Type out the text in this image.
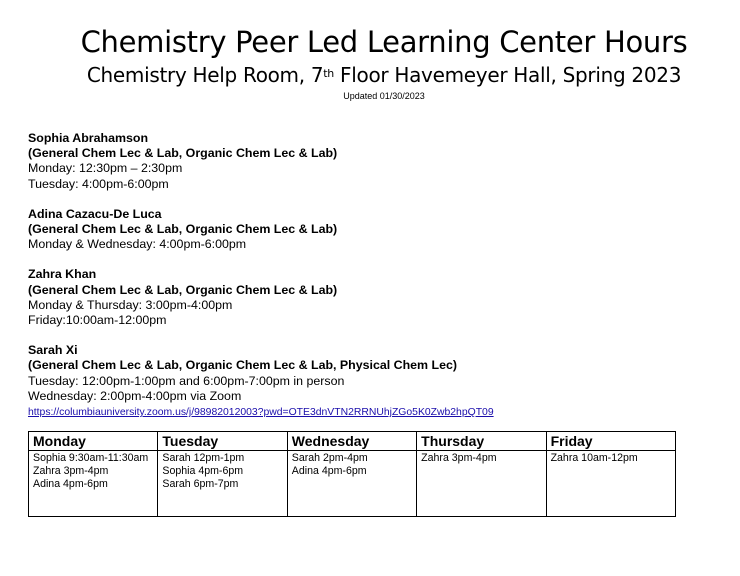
Chemistry Peer Led Learning Center Hours
Chemistry Help Room, 7th Floor Havemeyer Hall, Spring 2023
Updated 01/30/2023
Sophia Abrahamson
(General Chem Lec & Lab, Organic Chem Lec & Lab)
Monday: 12:30pm – 2:30pm
Tuesday: 4:00pm-6:00pm
Adina Cazacu-De Luca
(General Chem Lec & Lab, Organic Chem Lec & Lab)
Monday & Wednesday: 4:00pm-6:00pm
Zahra Khan
(General Chem Lec & Lab, Organic Chem Lec & Lab)
Monday & Thursday: 3:00pm-4:00pm
Friday:10:00am-12:00pm
Sarah Xi
(General Chem Lec & Lab, Organic Chem Lec & Lab, Physical Chem Lec)
Tuesday: 12:00pm-1:00pm and 6:00pm-7:00pm in person
Wednesday: 2:00pm-4:00pm via Zoom
https://columbiauniversity.zoom.us/j/98982012003?pwd=OTE3dnVTN2RRNUhjZGo5K0Zwb2hpQT09
Monday	Tuesday	Wednesday	Thursday	Friday

Sophia 9:30am-11:30am
Zahra 3pm-4pm
Adina 4pm-6pm	Sarah 12pm-1pm
Sophia 4pm-6pm
Sarah 6pm-7pm	Sarah 2pm-4pm
Adina 4pm-6pm	Zahra 3pm-4pm	Zahra 10am-12pm
